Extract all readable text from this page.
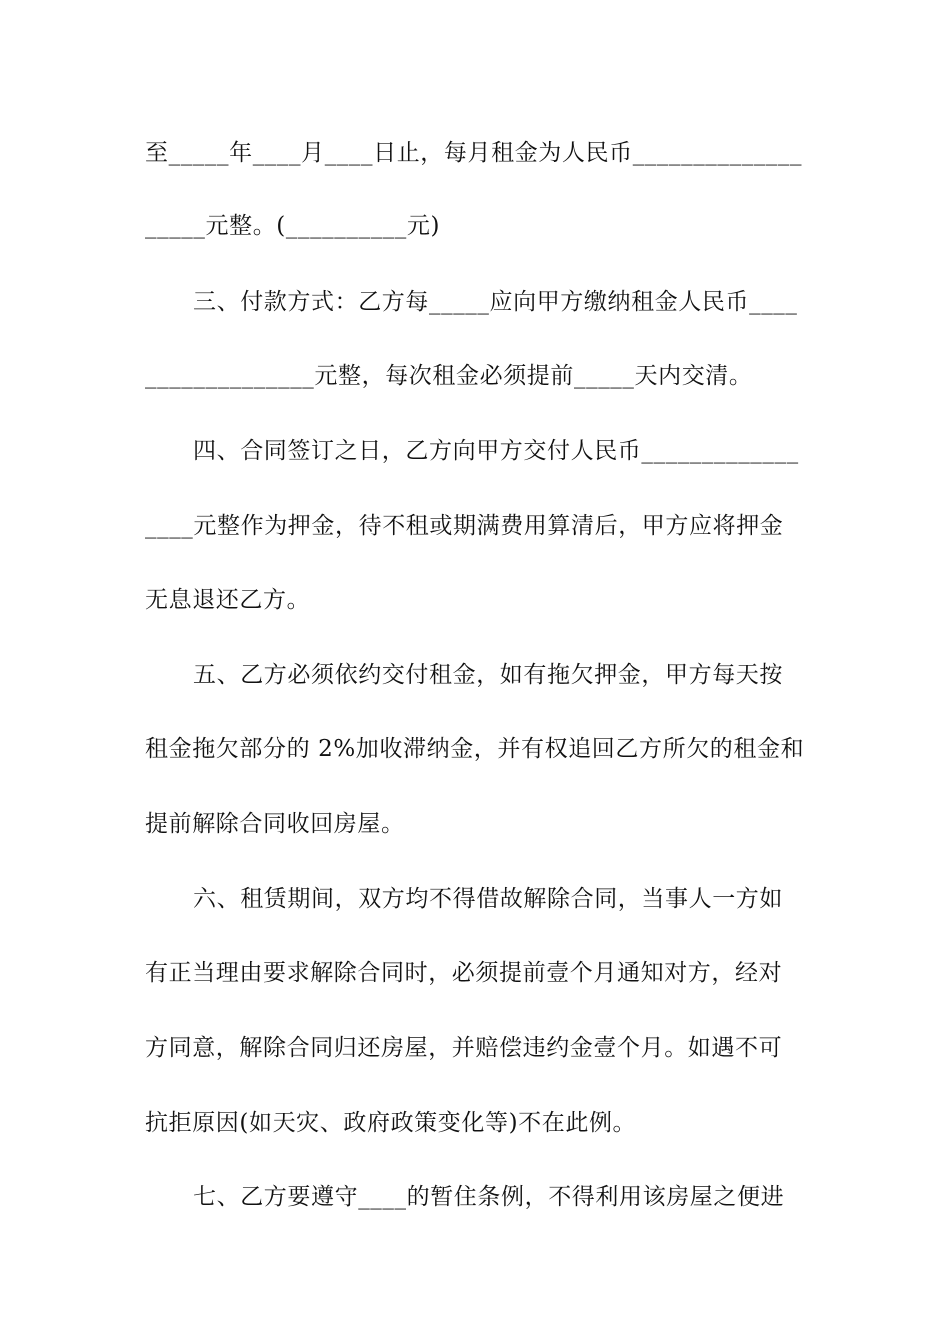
至_____年____月____日止，每月租金为人民币______________
_____元整。(__________元)
三、付款方式：乙方每_____应向甲方缴纳租金人民币____
______________元整，每次租金必须提前_____天内交清。
四、合同签订之日，乙方向甲方交付人民币_____________
____元整作为押金，待不租或期满费用算清后，甲方应将押金
无息退还乙方。
五、乙方必须依约交付租金，如有拖欠押金，甲方每天按
租金拖欠部分的 2%加收滞纳金，并有权追回乙方所欠的租金和
提前解除合同收回房屋。
六、租赁期间，双方均不得借故解除合同，当事人一方如
有正当理由要求解除合同时，必须提前壹个月通知对方，经对
方同意，解除合同归还房屋，并赔偿违约金壹个月。如遇不可
抗拒原因(如天灾、政府政策变化等)不在此例。
七、乙方要遵守____的暂住条例，不得利用该房屋之便进
